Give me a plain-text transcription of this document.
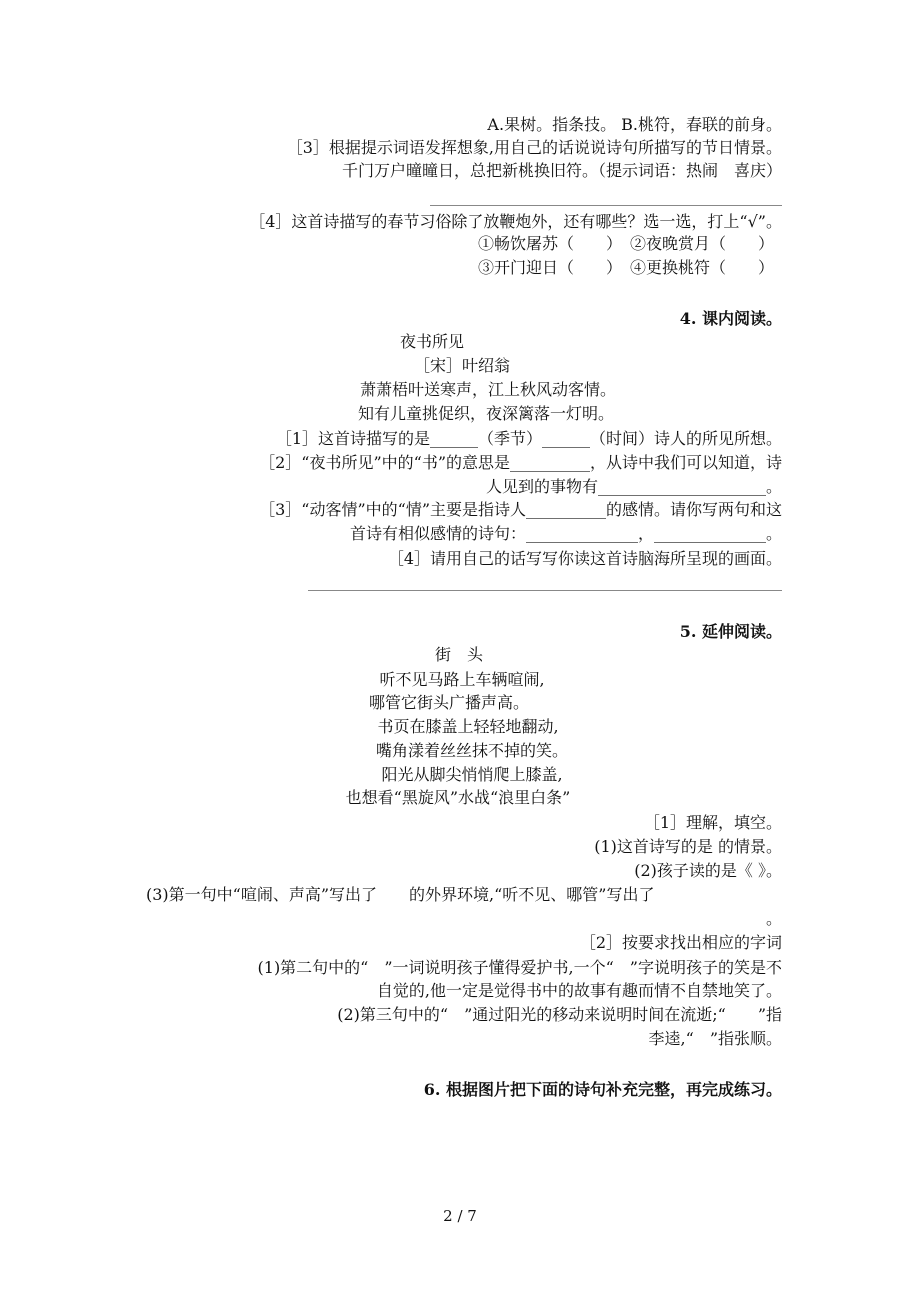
A.果树。指条技。 B.桃符，春联的前身。
［3］根据提示词语发挥想象,用自己的话说说诗句所描写的节日情景。
千门万户曈曈日，总把新桃换旧符。（提示词语：热闹　喜庆）
［4］这首诗描写的春节习俗除了放鞭炮外，还有哪些？选一选，打上“√”。
①畅饮屠苏（　　）　②夜晚赏月（　　）
③开门迎日（　　）　④更换桃符（　　）
4. 课内阅读。
夜书所见
［宋］叶绍翁
萧萧梧叶送寒声，江上秋风动客情。
知有儿童挑促织，夜深篱落一灯明。
［1］这首诗描写的是______（季节）______（时间）诗人的所见所想。
［2］“夜书所见”中的“书”的意思是__________，从诗中我们可以知道，诗
人见到的事物有_____________________。
［3］“动客情”中的“情”主要是指诗人__________的感情。请你写两句和这
首诗有相似感情的诗句：______________，______________。
［4］请用自己的话写写你读这首诗脑海所呈现的画面。
5. 延伸阅读。
街　头
听不见马路上车辆喧闹,
哪管它街头广播声高。
书页在膝盖上轻轻地翻动,
嘴角漾着丝丝抹不掉的笑。
阳光从脚尖悄悄爬上膝盖,
也想看“黑旋风”水战“浪里白条”
［1］理解，填空。
(1)这首诗写的是 的情景。
(2)孩子读的是《 》。
(3)第一句中“喧闹、声高”写出了　　的外界环境,“听不见、哪管”写出了
。
［2］按要求找出相应的字词
(1)第二句中的“　”一词说明孩子懂得爱护书,一个“　”字说明孩子的笑是不
自觉的,他一定是觉得书中的故事有趣而情不自禁地笑了。
(2)第三句中的“　”通过阳光的移动来说明时间在流逝;“　　”指
李逵,“　”指张顺。
6. 根据图片把下面的诗句补充完整，再完成练习。
2 / 7
